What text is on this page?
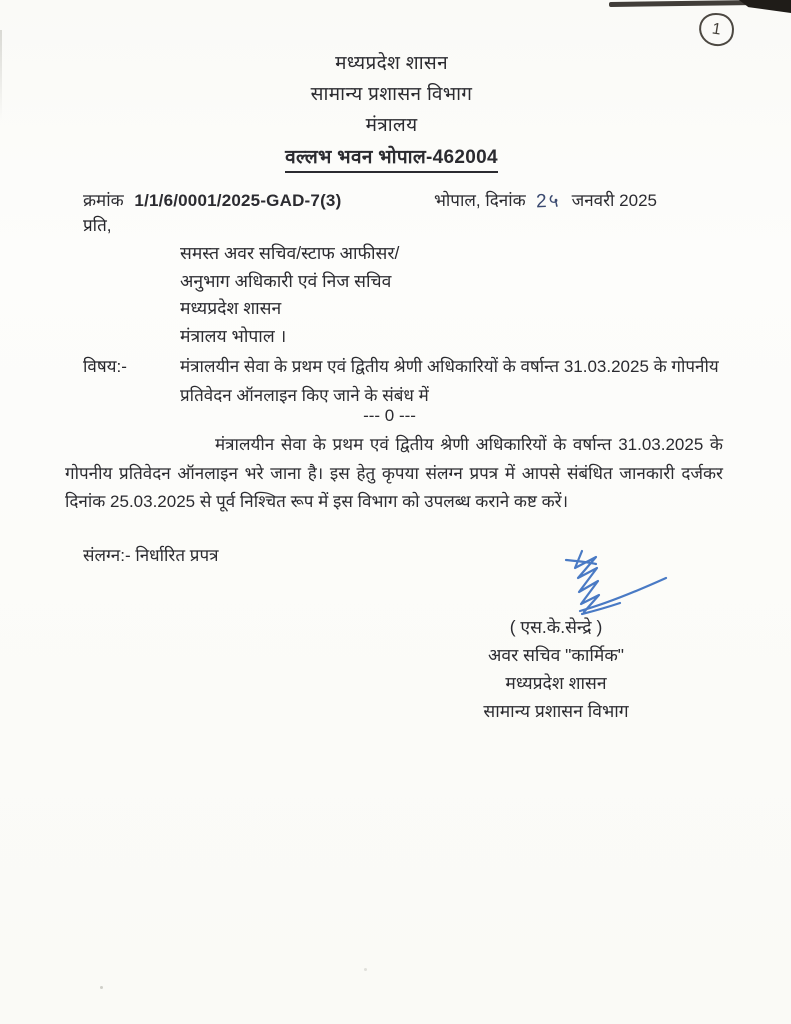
1
मध्यप्रदेश शासन
सामान्य प्रशासन विभाग
मंत्रालय
वल्लभ भवन भोपाल-462004
क्रमांक 1/1/6/0001/2025-GAD-7(3)	भोपाल, दिनांक 2५ जनवरी 2025
प्रति,
समस्त अवर सचिव/स्टाफ आफीसर/
अनुभाग अधिकारी एवं निज सचिव
मध्यप्रदेश शासन
मंत्रालय भोपाल ।
विषय:-	मंत्रालयीन सेवा के प्रथम एवं द्वितीय श्रेणी अधिकारियों के वर्षान्त 31.03.2025 के गोपनीय प्रतिवेदन ऑनलाइन किए जाने के संबंध में
--- 0 ---
मंत्रालयीन सेवा के प्रथम एवं द्वितीय श्रेणी अधिकारियों के वर्षान्त 31.03.2025 के गोपनीय प्रतिवेदन ऑनलाइन भरे जाना है। इस हेतु कृपया संलग्न प्रपत्र में आपसे संबंधित जानकारी दर्जकर दिनांक 25.03.2025 से पूर्व निश्चित रूप में इस विभाग को उपलब्ध कराने कष्ट करें।
संलग्न:- निर्धारित प्रपत्र
( एस.के.सेन्द्रे )
अवर सचिव "कार्मिक"
मध्यप्रदेश शासन
सामान्य प्रशासन विभाग
